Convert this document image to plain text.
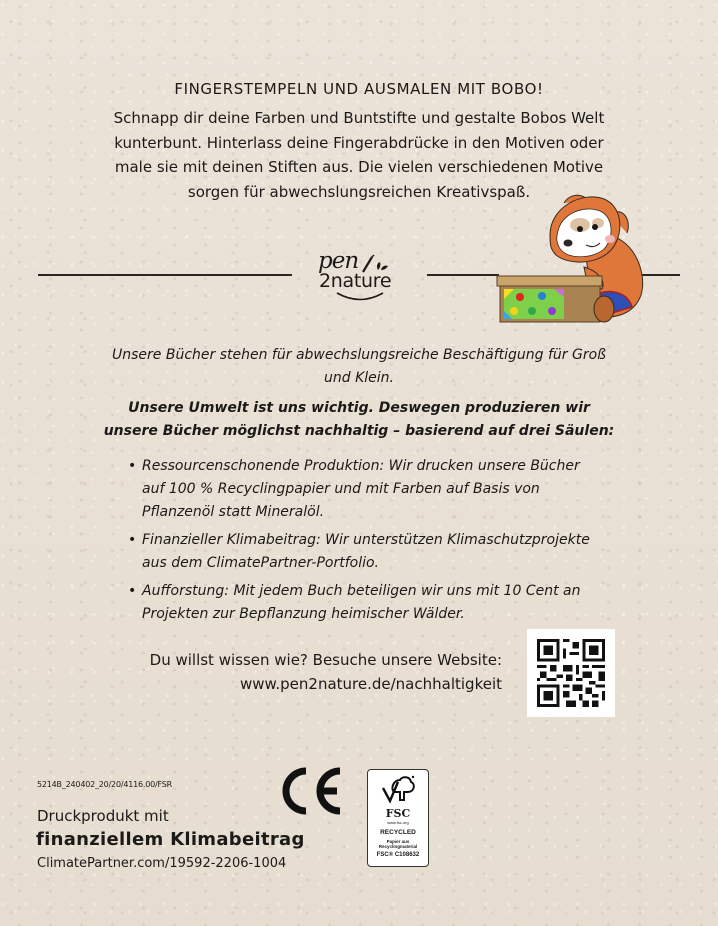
FINGERSTEMPELN UND AUSMALEN MIT BOBO!
Schnapp dir deine Farben und Buntstifte und gestalte Bobos Welt kunterbunt. Hinterlass deine Fingerabdrücke in den Motiven oder male sie mit deinen Stiften aus. Die vielen verschiedenen Motive sorgen für abwechslungsreichen Kreativspaß.
pen
2nature
Unsere Bücher stehen für abwechslungsreiche Beschäftigung für Groß und Klein.
Unsere Umwelt ist uns wichtig. Deswegen produzieren wir unsere Bücher möglichst nachhaltig – basierend auf drei Säulen:
• Ressourcenschonende Produktion: Wir drucken unsere Bücher auf 100 % Recyclingpapier und mit Farben auf Basis von Pflanzenöl statt Mineralöl.
• Finanzieller Klimabeitrag: Wir unterstützen Klimaschutzprojekte aus dem ClimatePartner-Portfolio.
• Aufforstung: Mit jedem Buch beteiligen wir uns mit 10 Cent an Projekten zur Bepflanzung heimischer Wälder.
Du willst wissen wie? Besuche unsere Website:
www.pen2nature.de/nachhaltigkeit
5214B_240402_20/20/4116.00/FSR
Druckprodukt mit
finanziellem Klimabeitrag
ClimatePartner.com/19592-2206-1004
FSC
www.fsc.org
RECYCLED
Papier aus
Recyclingmaterial
FSC® C108632
